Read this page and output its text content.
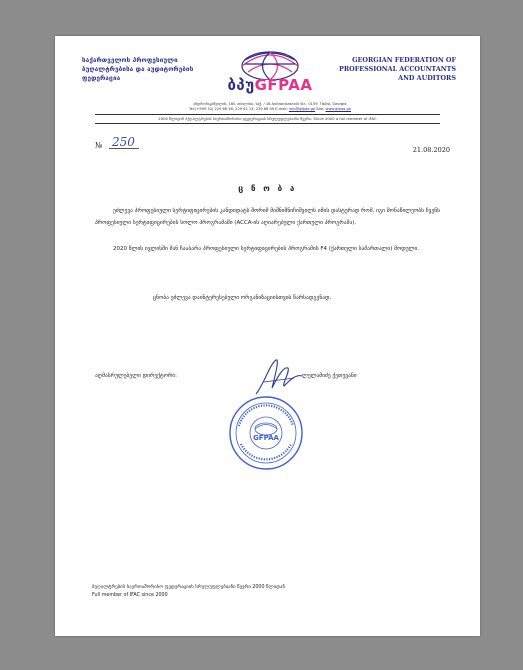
საქართველოს პროფესიული
ბუღალტრებისა და აუდიტორების
ფედერაცია	ბპუGFPAA
GEORGIAN FEDERATION OF
PROFESSIONAL ACCOUNTANTS
AND AUDITORS
ანდრონიკაშვილის, 16ბ, თბილისი, საქ. / 16 Andronikashvili Str., 0159, Tbilisi, Georgia
Tel:(+995 32) 229 66 58; 229 61 13; 239 68 99 E-mail: info@gfpaa.ge Site: www.gfpaa.ge
2000 წლიდან ბუღალტრების საერთაშორისო ფედერაციის სრულუფლებიანი წევრი. Since 2000 a full member of IFAC
№ 250
21.08.2020
ც ნ ო ბ ა
ეძლევა პროფესიული სერტიფიცირების კანდიდატს შორიმ მიშნიშნიჩიშვილს იმის დასტურად რომ, იგი მონაწილეობს ჩვენს პროფესიული სერტიფიცირების სოლო პროგრამაში (ACCA-ის აღიარებული ქართული პროგრამა).
2020 წლის ივლისში მან ჩააბარა პროფესიული სერტიფიცირების პროგრამის F4 (ქართული სამართალი) მოდული.
ცნობა ეძლევა დაინტერესებული ორგანიზაციისთვის წარსადგენად.
აღმასრულებელი დირექტორი:	ლელამიძე ქეთევანი
GFPAA
ბუღალტრების საერთაშორისო ფედერაციის სრულუფლებიანი წევრი 2000 წლიდან
Full member of IFAC since 2000
